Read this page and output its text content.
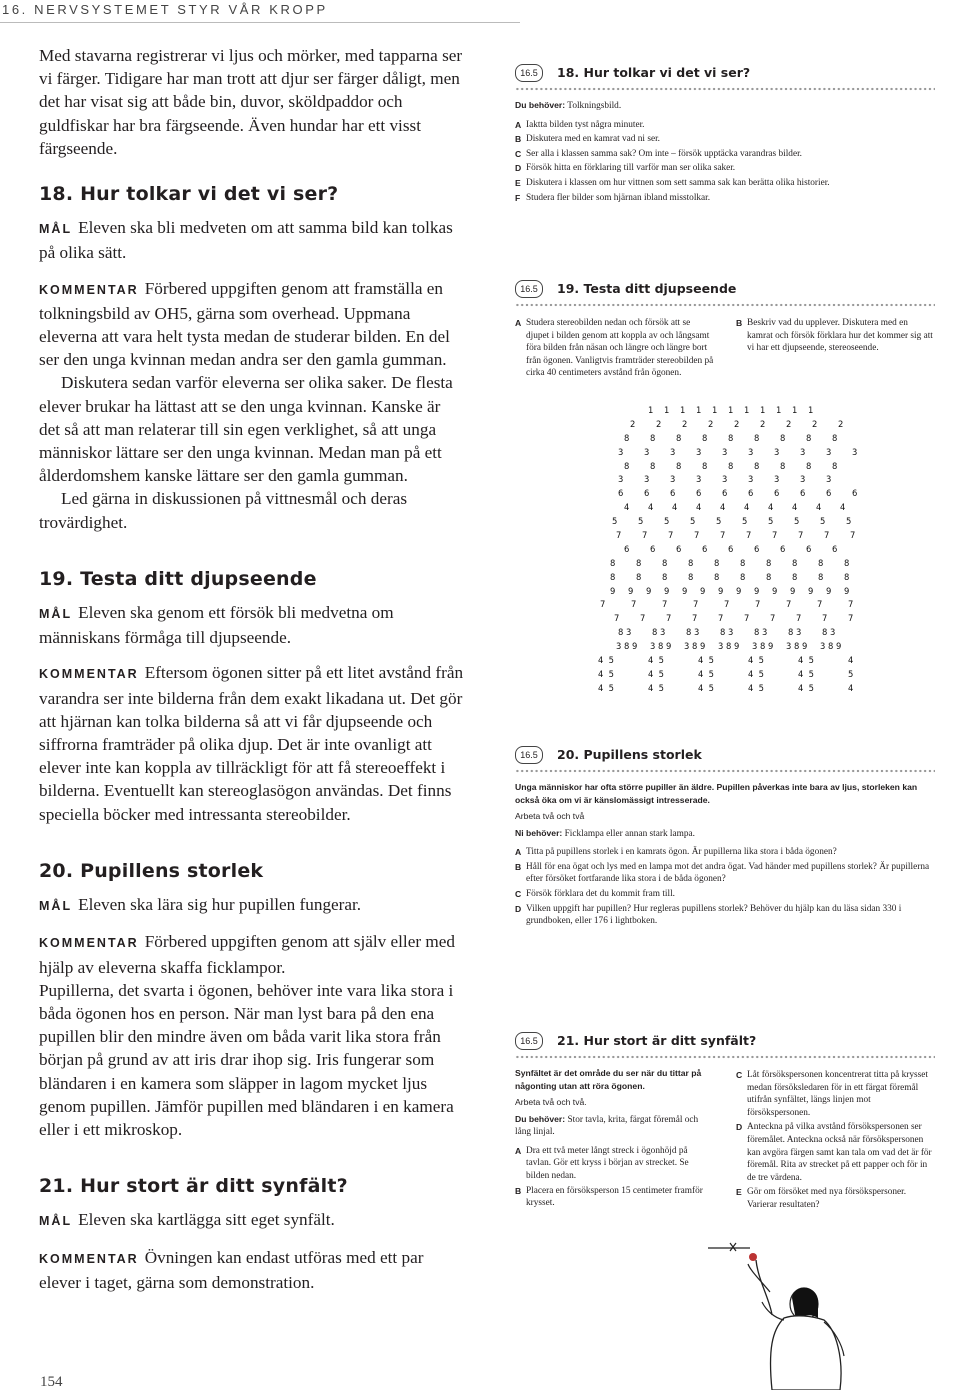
16. NERVSYSTEMET STYR VÅR KROPP

Med stavarna registrerar vi ljus och mörker, med tapparna ser vi färger. Tidigare har man trott att djur ser färger dåligt, men det har visat sig att både bin, duvor, sköldpaddor och guldfiskar har bra färgseende. Även hundar har ett visst färgseende.

18. Hur tolkar vi det vi ser?

MÅL Eleven ska bli medveten om att samma bild kan tolkas på olika sätt.

KOMMENTAR Förbered uppgiften genom att framställa en tolkningsbild av OH5, gärna som overhead. Uppmana eleverna att vara helt tysta medan de studerar bilden. En del ser den unga kvinnan medan andra ser den gamla gumman.

Diskutera sedan varför eleverna ser olika saker. De flesta elever brukar ha lättast att se den unga kvinnan. Kanske är det så att man relaterar till sin egen verklighet, så att unga människor lättare ser den unga kvinnan. Medan man på ett ålderdomshem kanske lättare ser den gamla gumman.

Led gärna in diskussionen på vittnesmål och deras trovärdighet.

19. Testa ditt djupseende

MÅL Eleven ska genom ett försök bli medvetna om människans förmåga till djupseende.

KOMMENTAR Eftersom ögonen sitter på ett litet avstånd från varandra ser inte bilderna från dem exakt likadana ut. Det gör att hjärnan kan tolka bilderna så att vi får djupseende och siffrorna framträder på olika djup. Det är inte ovanligt att elever inte kan koppla av tillräckligt för att få stereoeffekt i bilderna. Eventuellt kan stereoglasögon användas. Det finns speciella böcker med intressanta stereobilder.

20. Pupillens storlek

MÅL Eleven ska lära sig hur pupillen fungerar.

KOMMENTAR Förbered uppgiften genom att själv eller med hjälp av eleverna skaffa ficklampor.

Pupillerna, det svarta i ögonen, behöver inte vara lika stora i båda ögonen hos en person. När man lyst bara på den ena pupillen blir den mindre även om båda varit lika stora från början på grund av att iris drar ihop sig. Iris fungerar som bländaren i en kamera som släpper in lagom mycket ljus genom pupillen. Jämför pupillen med bländaren i en kamera eller i ett mikroskop.

21. Hur stort är ditt synfält?

MÅL Eleven ska kartlägga sitt eget synfält.

KOMMENTAR Övningen kan endast utföras med ett par elever i taget, gärna som demonstration.

154
16.5	18. Hur tolkar vi det vi ser?
Du behöver: Tolkningsbild.
A Iaktta bilden tyst några minuter.
B Diskutera med en kamrat vad ni ser.
C Ser alla i klassen samma sak? Om inte – försök upptäcka varandras bilder.
D Försök hitta en förklaring till varför man ser olika saker.
E Diskutera i klassen om hur vittnen som sett samma sak kan berätta olika historier.
F Studera fler bilder som hjärnan ibland misstolkar.
16.5	19. Testa ditt djupseende
A Studera stereobilden nedan och försök att se djupet i bilden genom att koppla av och långsamt föra bilden från näsan och längre och längre bort från ögonen. Vanligtvis framträder stereobilden på cirka 40 centimeters avstånd från ögonen.
B Beskriv vad du upplever. Diskutera med en kamrat och försök förklara hur det kommer sig att vi har ett djupseende, stereoseende.
1 1 1 1 1 1 1 1 1 1 1
2 2 2 2 2 2 2 2 2
8 8 8 8 8 8 8 8 8
3 3 3 3 3 3 3 3 3 3
8 8 8 8 8 8 8 8 8
3 3 3 3 3 3 3 3 3
6 6 6 6 6 6 6 6 6 6
4 4 4 4 4 4 4 4 4 4
5 5 5 5 5 5 5 5 5 5
7 7 7 7 7 7 7 7 7 7
6 6 6 6 6 6 6 6 6
8 8 8 8 8 8 8 8 8 8
8 8 8 8 8 8 8 8 8 8
9 9 9 9 9 9 9 9 9 9 9 9 9 9
7	7	7	7	7	7	7	7	7
7 7 7 7 7 7 7 7 7 7
8 3 8 3 8 3 8 3 8 3 8 3 8 3
3 8 9 3 8 9 3 8 9 3 8 9 3 8 9 3 8 9 3 8 9
4  5	4  5	4  5	4  5	4  5	4
4  5	4  5	4  5	4  5	4  5	5
4  5	4  5	4  5	4  5	4  5	4
16.5	20. Pupillens storlek
Unga människor har ofta större pupiller än äldre. Pupillen påverkas inte bara av ljus, storleken kan också öka om vi är känslomässigt intresserade.
Arbeta två och två
Ni behöver: Ficklampa eller annan stark lampa.
A Titta på pupillens storlek i en kamrats ögon. Är pupillerna lika stora i båda ögonen?
B Håll för ena ögat och lys med en lampa mot det andra ögat. Vad händer med pupillens storlek? Är pupillerna efter försöket fortfarande lika stora i de båda ögonen?
C Försök förklara det du kommit fram till.
D Vilken uppgift har pupillen? Hur regleras pupillens storlek? Behöver du hjälp kan du läsa sidan 330 i grundboken, eller 176 i lightboken.
16.5	21. Hur stort är ditt synfält?
Synfältet är det område du ser när du tittar på någonting utan att röra ögonen.
Arbeta två och två.
Du behöver: Stor tavla, krita, färgat föremål och lång linjal.
A Dra ett två meter långt streck i ögonhöjd på tavlan. Gör ett kryss i början av strecket. Se bilden nedan.
B Placera en försöksperson 15 centimeter framför krysset.
C Låt försökspersonen koncentrerat titta på krysset medan försöksledaren för in ett färgat föremål utifrån synfältet, längs linjen mot försökspersonen.
D Anteckna på vilka avstånd försökspersonen ser föremålet. Anteckna också när försökspersonen kan avgöra färgen samt kan tala om vad det är för föremål. Rita av strecket på ett papper och för in de tre värdena.
E Gör om försöket med nya försökspersoner. Varierar resultaten?
